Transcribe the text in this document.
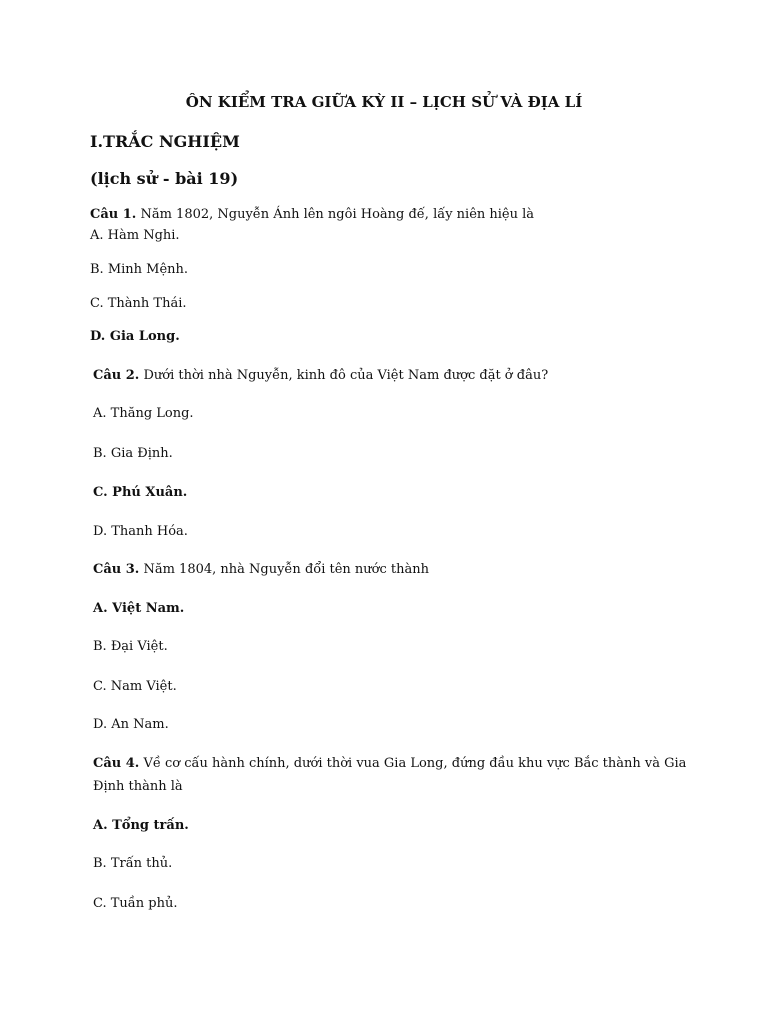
ÔN KIỂM TRA GIỮA KỲ II – LỊCH SỬ VÀ ĐỊA LÍ
I.TRẮC NGHIỆM
(lịch sử - bài 19)
Câu 1. Năm 1802, Nguyễn Ánh lên ngôi Hoàng đế, lấy niên hiệu là
A. Hàm Nghi.
B. Minh Mệnh.
C. Thành Thái.
D. Gia Long.
Câu 2. Dưới thời nhà Nguyễn, kinh đô của Việt Nam được đặt ở đâu?
A. Thăng Long.
B. Gia Định.
C. Phú Xuân.
D. Thanh Hóa.
Câu 3. Năm 1804, nhà Nguyễn đổi tên nước thành
A. Việt Nam.
B. Đại Việt.
C. Nam Việt.
D. An Nam.
Câu 4. Về cơ cấu hành chính, dưới thời vua Gia Long, đứng đầu khu vực Bắc thành và Gia
Định thành là
A. Tổng trấn.
B. Trấn thủ.
C. Tuần phủ.
